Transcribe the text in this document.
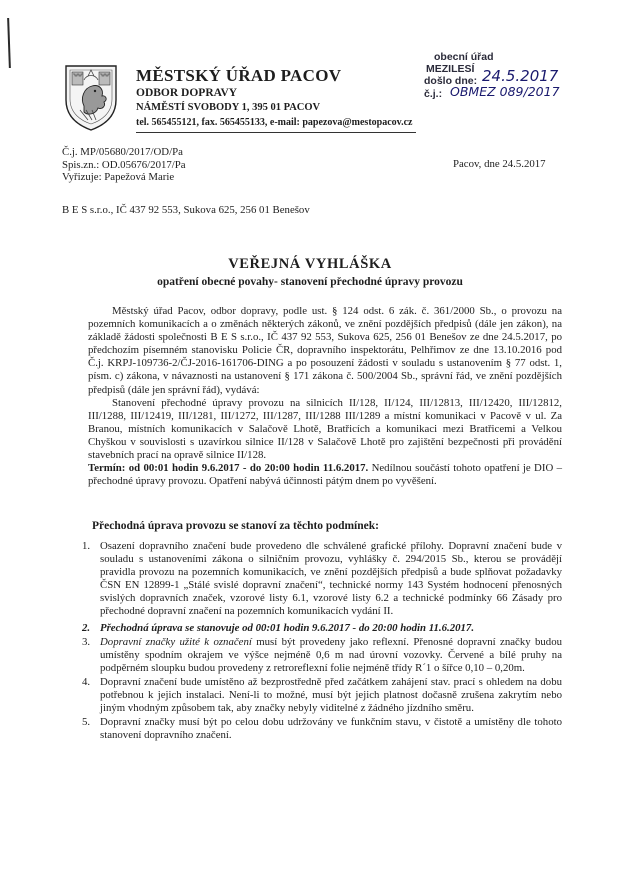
MĚSTSKÝ ÚŘAD PACOV
ODBOR DOPRAVY
NÁMĚSTÍ SVOBODY 1, 395 01 PACOV
tel. 565455121, fax. 565455133, e-mail: papezova@mestopacov.cz
obecní úřad
MEZILESÍ
došlo dne: 24.5.2017
č.j.: OBMEZ 089/2017
Č.j. MP/05680/2017/OD/Pa
Spis.zn.: OD.05676/2017/Pa
Vyřizuje: Papežová Marie
Pacov, dne 24.5.2017
B E S s.r.o., IČ 437 92 553, Sukova 625, 256 01 Benešov
VEŘEJNÁ VYHLÁŠKA
opatření obecné povahy- stanovení přechodné úpravy provozu

Městský úřad Pacov, odbor dopravy, podle ust. § 124 odst. 6 zák. č. 361/2000 Sb., o provozu na pozemních komunikacích a o změnách některých zákonů, ve znění pozdějších předpisů (dále jen zákon), na základě žádosti společnosti B E S s.r.o., IČ 437 92 553, Sukova 625, 256 01 Benešov ze dne 24.5.2017, po předchozím písemném stanovisku Policie ČR, dopravního inspektorátu, Pelhřimov ze dne 13.10.2016 pod Č.j. KRPJ-109736-2/ČJ-2016-161706-DING a po posouzení žádosti v souladu s ustanovením § 77 odst. 1, písm. c) zákona, v návaznosti na ustanovení § 171 zákona č. 500/2004 Sb., správní řád, ve znění pozdějších předpisů (dále jen správní řád), vydává:

Stanovení přechodné úpravy provozu na silnicích II/128, II/124, III/12813, III/12420, III/12812, III/1288, III/12419, III/1281, III/1272, III/1287, III/1288 III/1289 a místní komunikaci v Pacově v ul. Za Branou, místních komunikacích v Salačově Lhotě, Bratřicích a komunikaci mezi Bratřicemi a Velkou Chyškou v souvislosti s uzavírkou silnice II/128 v Salačově Lhotě pro zajištění bezpečnosti při provádění stavebních prací na opravě silnice II/128.

Termín: od 00:01 hodin 9.6.2017 - do 20:00 hodin 11.6.2017. Nedílnou součástí tohoto opatření je DIO – přechodné úpravy provozu. Opatření nabývá účinnosti pátým dnem po vyvěšení.

Přechodná úprava provozu se stanoví za těchto podmínek:
1. Osazení dopravního značení bude provedeno dle schválené grafické přílohy. Dopravní značení bude v souladu s ustanoveními zákona o silničním provozu, vyhlášky č. 294/2015 Sb., kterou se provádějí pravidla provozu na pozemních komunikacích, ve znění pozdějších předpisů a bude splňovat požadavky ČSN EN 12899-1 „Stálé svislé dopravní značení“, technické normy 143 Systém hodnocení přenosných svislých dopravních značek, vzorové listy 6.1, vzorové listy 6.2 a technické podmínky 66 Zásady pro přechodné dopravní značení na pozemních komunikacích vydání II.
2. Přechodná úprava se stanovuje od 00:01 hodin 9.6.2017 - do 20:00 hodin 11.6.2017.
3. Dopravní značky užité k označení musí být provedeny jako reflexní. Přenosné dopravní značky budou umístěny spodním okrajem ve výšce nejméně 0,6 m nad úrovní vozovky. Červené a bílé pruhy na podpěrném sloupku budou provedeny z retroreflexní folie nejméně třídy R´1 o šířce 0,10 – 0,20m.
4. Dopravní značení bude umístěno až bezprostředně před začátkem zahájení stav. prací s ohledem na dobu potřebnou k jejich instalaci. Není-li to možné, musí být jejich platnost dočasně zrušena zakrytím nebo jiným vhodným způsobem tak, aby značky nebyly viditelné z žádného jízdního směru.
5. Dopravní značky musí být po celou dobu udržovány ve funkčním stavu, v čistotě a umístěny dle tohoto stanovení dopravního značení.
